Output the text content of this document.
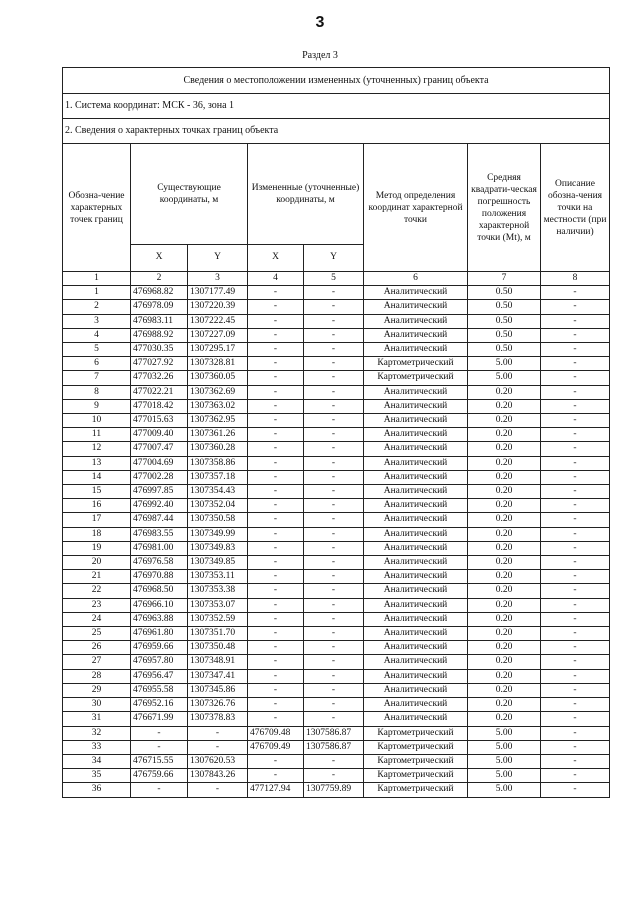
3
Раздел 3
Сведения о местоположении измененных (уточненных) границ объекта							
1. Система координат: МСК - 36, зона 1							
2. Сведения о характерных точках границ объекта							
Обозна-чение характерных точек границ	Существующие координаты, м		Измененные (уточненные) координаты, м		Метод определения координат характерной точки	Средняя квадрати-ческая погрешность положения характерной точки (Mt), м	Описание обозна-чения точки на местности (при наличии)
	X	Y	X	Y			
1	2	3	4	5	6	7	8
1	476968.82	1307177.49	-	-	Аналитический	0.50	-
2	476978.09	1307220.39	-	-	Аналитический	0.50	-
3	476983.11	1307222.45	-	-	Аналитический	0.50	-
4	476988.92	1307227.09	-	-	Аналитический	0.50	-
5	477030.35	1307295.17	-	-	Аналитический	0.50	-
6	477027.92	1307328.81	-	-	Картометрический	5.00	-
7	477032.26	1307360.05	-	-	Картометрический	5.00	-
8	477022.21	1307362.69	-	-	Аналитический	0.20	-
9	477018.42	1307363.02	-	-	Аналитический	0.20	-
10	477015.63	1307362.95	-	-	Аналитический	0.20	-
11	477009.40	1307361.26	-	-	Аналитический	0.20	-
12	477007.47	1307360.28	-	-	Аналитический	0.20	-
13	477004.69	1307358.86	-	-	Аналитический	0.20	-
14	477002.28	1307357.18	-	-	Аналитический	0.20	-
15	476997.85	1307354.43	-	-	Аналитический	0.20	-
16	476992.40	1307352.04	-	-	Аналитический	0.20	-
17	476987.44	1307350.58	-	-	Аналитический	0.20	-
18	476983.55	1307349.99	-	-	Аналитический	0.20	-
19	476981.00	1307349.83	-	-	Аналитический	0.20	-
20	476976.58	1307349.85	-	-	Аналитический	0.20	-
21	476970.88	1307353.11	-	-	Аналитический	0.20	-
22	476968.50	1307353.38	-	-	Аналитический	0.20	-
23	476966.10	1307353.07	-	-	Аналитический	0.20	-
24	476963.88	1307352.59	-	-	Аналитический	0.20	-
25	476961.80	1307351.70	-	-	Аналитический	0.20	-
26	476959.66	1307350.48	-	-	Аналитический	0.20	-
27	476957.80	1307348.91	-	-	Аналитический	0.20	-
28	476956.47	1307347.41	-	-	Аналитический	0.20	-
29	476955.58	1307345.86	-	-	Аналитический	0.20	-
30	476952.16	1307326.76	-	-	Аналитический	0.20	-
31	476671.99	1307378.83	-	-	Аналитический	0.20	-
32	-	-	476709.48	1307586.87	Картометрический	5.00	-
33	-	-	476709.49	1307586.87	Картометрический	5.00	-
34	476715.55	1307620.53	-	-	Картометрический	5.00	-
35	476759.66	1307843.26	-	-	Картометрический	5.00	-
36	-	-	477127.94	1307759.89	Картометрический	5.00	-
